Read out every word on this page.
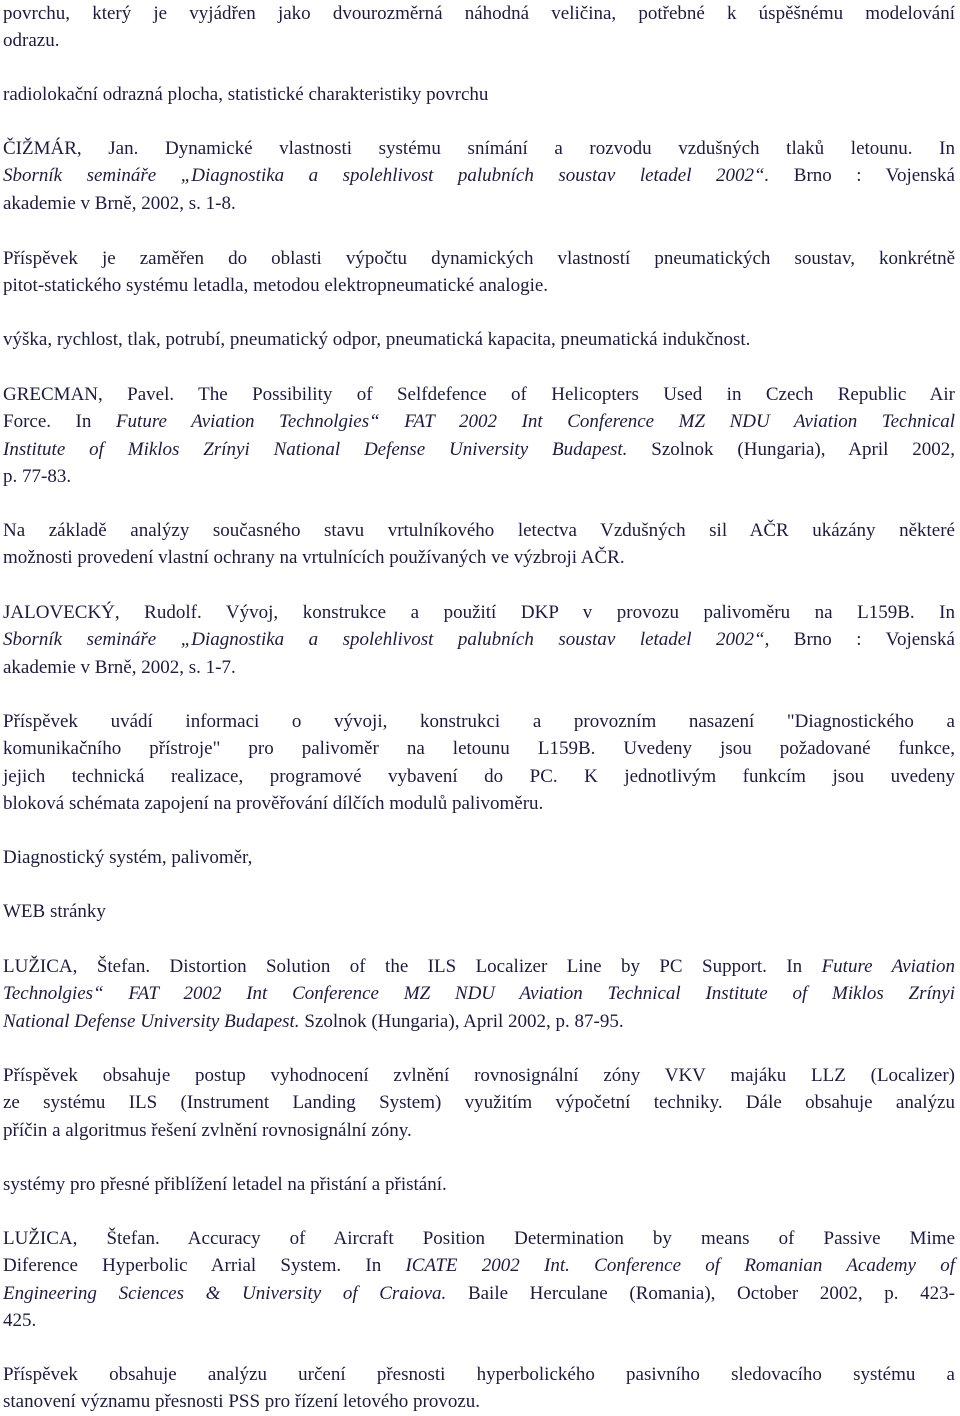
povrchu, který je vyjádřen jako dvourozměrná náhodná veličina, potřebné k úspěšnému modelování
odrazu.

radiolokační odrazná plocha, statistické charakteristiky povrchu

ČIŽMÁR, Jan. Dynamické vlastnosti systému snímání a rozvodu vzdušných tlaků letounu. In
Sborník semináře „Diagnostika a spolehlivost palubních soustav letadel 2002“. Brno : Vojenská
akademie v Brně, 2002, s. 1-8.

Příspěvek je zaměřen do oblasti výpočtu dynamických vlastností pneumatických soustav, konkrétně
pitot-statického systému letadla, metodou elektropneumatické analogie.

výška, rychlost, tlak, potrubí, pneumatický odpor, pneumatická kapacita, pneumatická indukčnost.

GRECMAN, Pavel. The Possibility of Selfdefence of Helicopters Used in Czech Republic Air
Force. In Future Aviation Technolgies“ FAT 2002 Int Conference MZ NDU Aviation Technical
Institute of Miklos Zrínyi National Defense University Budapest. Szolnok (Hungaria), April 2002,
p. 77-83.

Na základě analýzy současného stavu vrtulníkového letectva Vzdušných sil AČR ukázány některé
možnosti provedení vlastní ochrany na vrtulnících používaných ve výzbroji AČR.

JALOVECKÝ, Rudolf. Vývoj, konstrukce a použití DKP v provozu palivoměru na L159B. In
Sborník semináře „Diagnostika a spolehlivost palubních soustav letadel 2002“, Brno : Vojenská
akademie v Brně, 2002, s. 1-7.

Příspěvek uvádí informaci o vývoji, konstrukci a provozním nasazení "Diagnostického a
komunikačního přístroje" pro palivoměr na letounu L159B. Uvedeny jsou požadované funkce,
jejich technická realizace, programové vybavení do PC. K jednotlivým funkcím jsou uvedeny
bloková schémata zapojení na prověřování dílčích modulů palivoměru.

Diagnostický systém, palivoměr,

WEB stránky

LUŽICA, Štefan. Distortion Solution of the ILS Localizer Line by PC Support. In Future Aviation
Technolgies“ FAT 2002 Int Conference MZ NDU Aviation Technical Institute of Miklos Zrínyi
National Defense University Budapest. Szolnok (Hungaria), April 2002, p. 87-95.

Příspěvek obsahuje postup vyhodnocení zvlnění rovnosignální zóny VKV majáku LLZ (Localizer)
ze systému ILS (Instrument Landing System) využitím výpočetní techniky. Dále obsahuje analýzu
příčin a algoritmus řešení zvlnění rovnosignální zóny.

systémy pro přesné přiblížení letadel na přistání a přistání.

LUŽICA, Štefan. Accuracy of Aircraft Position Determination by means of Passive Mime
Diference Hyperbolic Arrial System. In ICATE 2002 Int. Conference of Romanian Academy of
Engineering Sciences & University of Craiova. Baile Herculane (Romania), October 2002, p. 423-
425.

Příspěvek obsahuje analýzu určení přesnosti hyperbolického pasivního sledovacího systému a
stanovení významu přesnosti PSS pro řízení letového provozu.
